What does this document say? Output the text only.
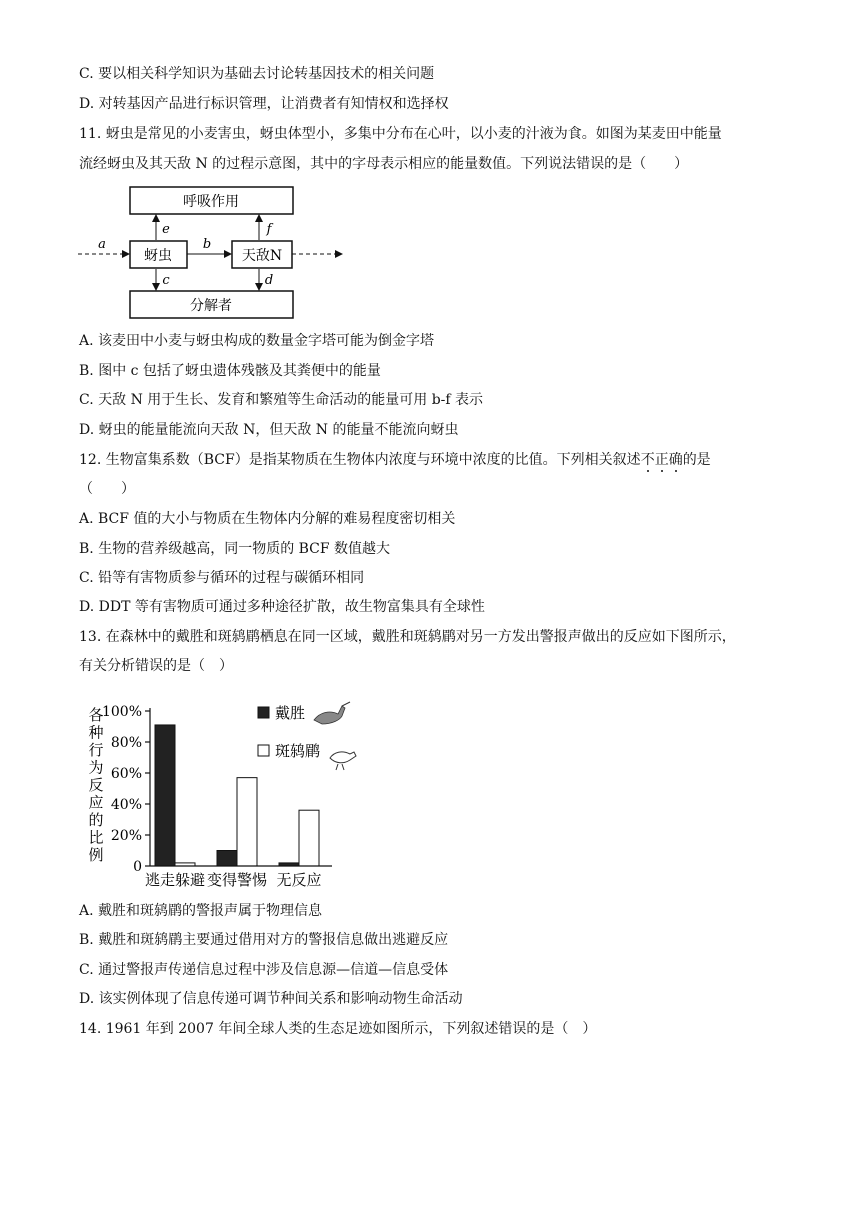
C. 要以相关科学知识为基础去讨论转基因技术的相关问题
D. 对转基因产品进行标识管理，让消费者有知情权和选择权
11. 蚜虫是常见的小麦害虫，蚜虫体型小，多集中分布在心叶，以小麦的汁液为食。如图为某麦田中能量
流经蚜虫及其天敌 N 的过程示意图，其中的字母表示相应的能量数值。下列说法错误的是（　　）
呼吸作用
蚜虫	天敌N
分解者
a	b
e	f
c	d
A. 该麦田中小麦与蚜虫构成的数量金字塔可能为倒金字塔
B. 图中 c 包括了蚜虫遗体残骸及其粪便中的能量
C. 天敌 N 用于生长、发育和繁殖等生命活动的能量可用 b-f 表示
D. 蚜虫的能量能流向天敌 N，但天敌 N 的能量不能流向蚜虫
12. 生物富集系数（BCF）是指某物质在生物体内浓度与环境中浓度的比值。下列相关叙述不正确的是
（　　）
A. BCF 值的大小与物质在生物体内分解的难易程度密切相关
B. 生物的营养级越高，同一物质的 BCF 数值越大
C. 铅等有害物质参与循环的过程与碳循环相同
D. DDT 等有害物质可通过多种途径扩散，故生物富集具有全球性
13. 在森林中的戴胜和斑鸫鹛栖息在同一区域，戴胜和斑鸫鹛对另一方发出警报声做出的反应如下图所示，
有关分析错误的是（　）
各
种
行
为
反
应
的
比
例
0
20%
40%
60%
80%
100%
逃走躲避 变得警惕 无反应
戴胜
斑鸫鹛
A. 戴胜和斑鸫鹛的警报声属于物理信息
B. 戴胜和斑鸫鹛主要通过借用对方的警报信息做出逃避反应
C. 通过警报声传递信息过程中涉及信息源—信道—信息受体
D. 该实例体现了信息传递可调节种间关系和影响动物生命活动
14. 1961 年到 2007 年间全球人类的生态足迹如图所示，下列叙述错误的是（　）
